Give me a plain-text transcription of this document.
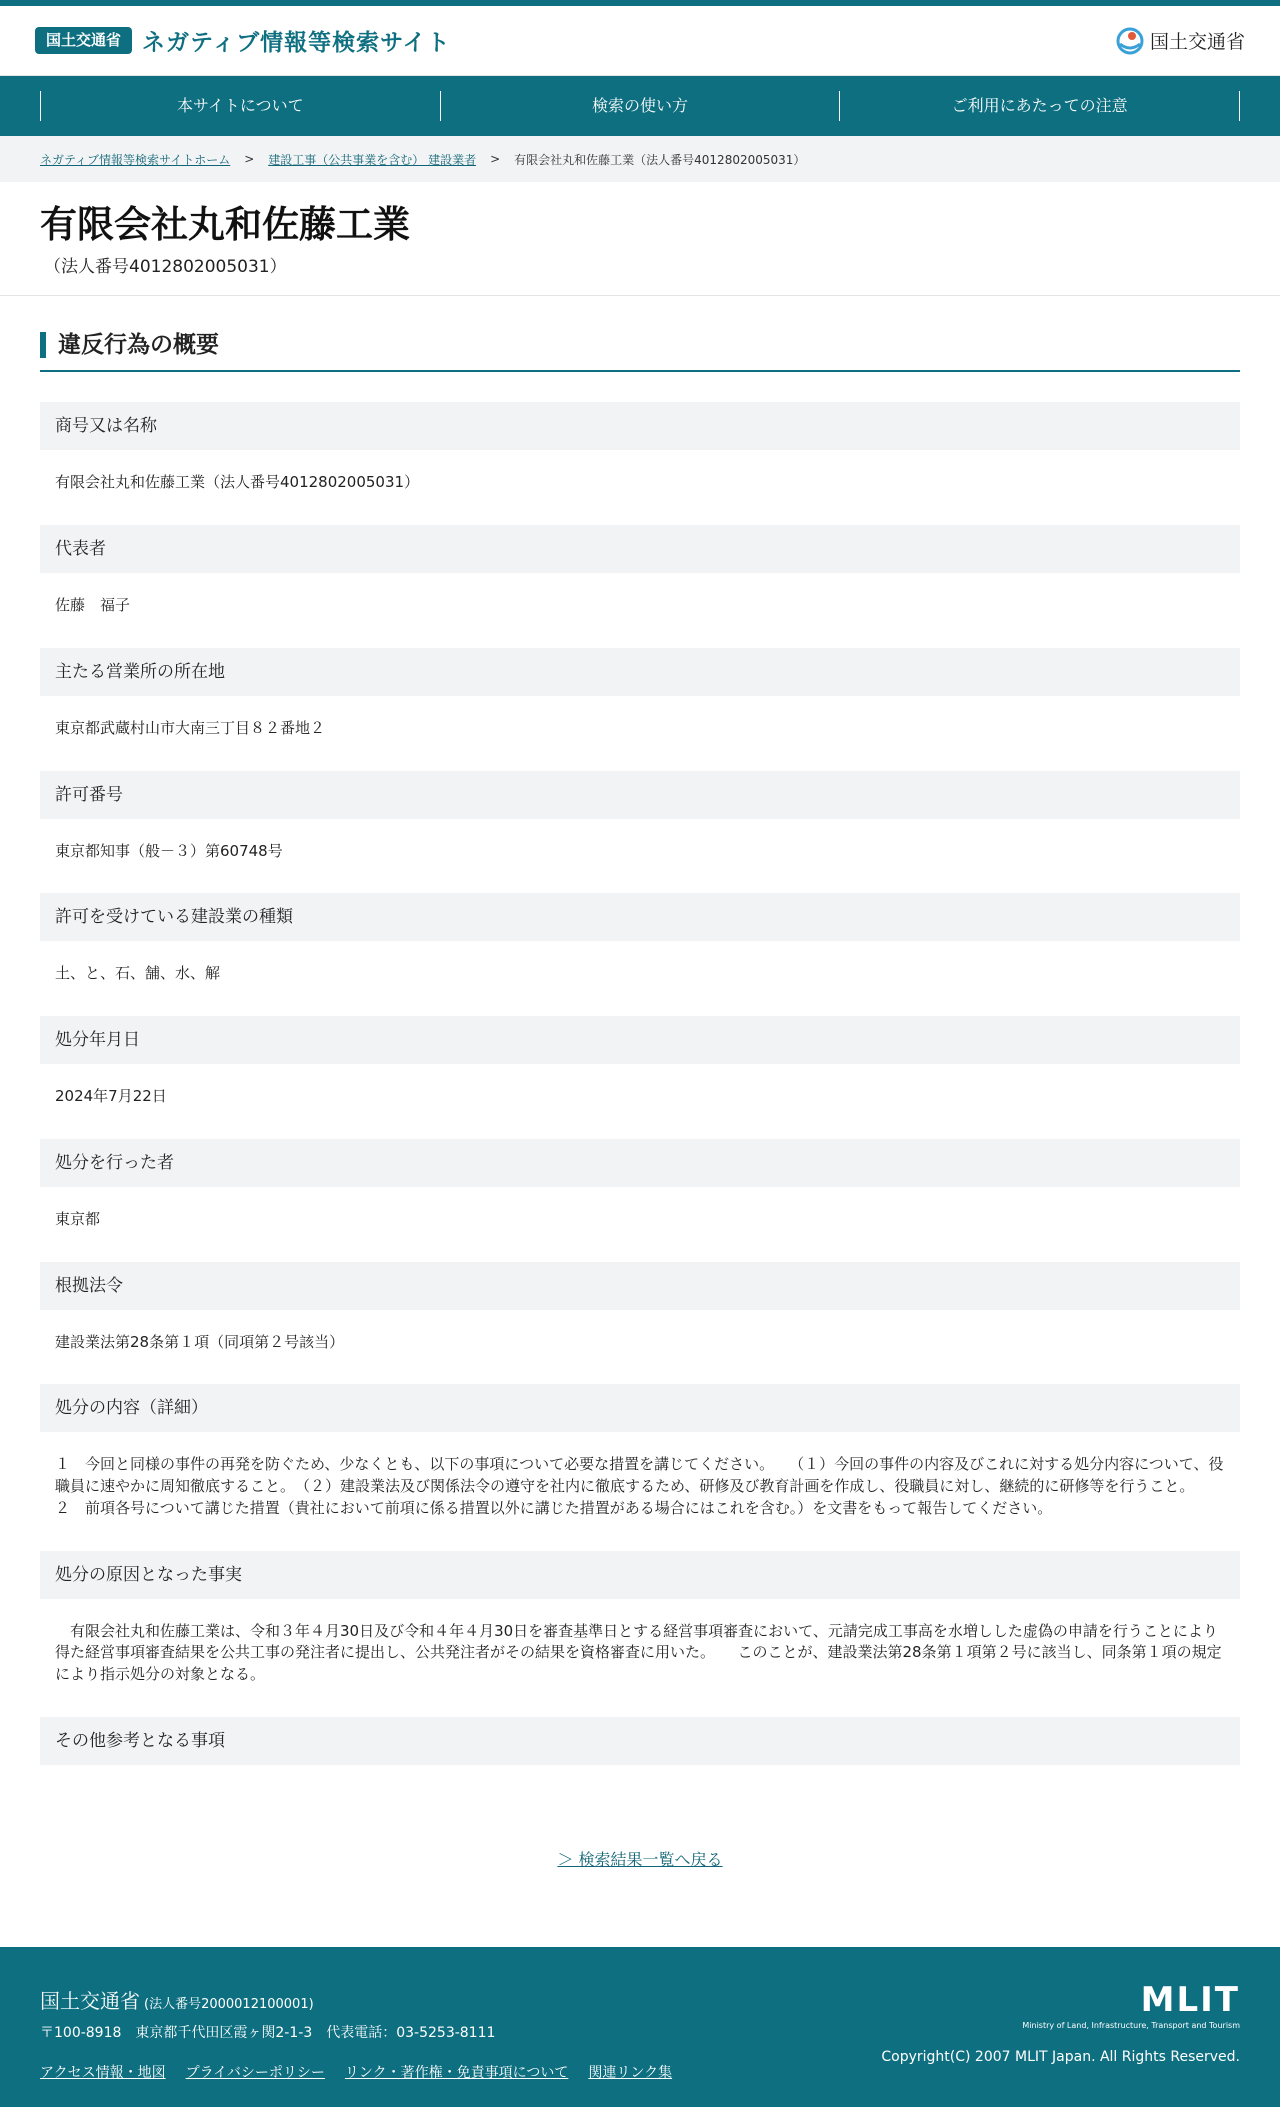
国土交通省 ネガティブ情報等検索サイト	国土交通省
本サイトについて	検索の使い方	ご利用にあたっての注意
ネガティブ情報等検索サイトホーム > 建設工事（公共事業を含む） 建設業者 > 有限会社丸和佐藤工業（法人番号4012802005031）
有限会社丸和佐藤工業
（法人番号4012802005031）
違反行為の概要
商号又は名称
有限会社丸和佐藤工業（法人番号4012802005031）
代表者
佐藤　福子
主たる営業所の所在地
東京都武蔵村山市大南三丁目８２番地２
許可番号
東京都知事（般－３）第60748号
許可を受けている建設業の種類
土、と、石、舗、水、解
処分年月日
2024年7月22日
処分を行った者
東京都
根拠法令
建設業法第28条第１項（同項第２号該当）
処分の内容（詳細）
１　今回と同様の事件の再発を防ぐため、少なくとも、以下の事項について必要な措置を講じてください。　　（１）今回の事件の内容及びこれに対する処分内容について、役職員に速やかに周知徹底すること。　（２）建設業法及び関係法令の遵守を社内に徹底するため、研修及び教育計画を作成し、役職員に対し、継続的に研修等を行うこと。　　２　前項各号について講じた措置（貴社において前項に係る措置以外に講じた措置がある場合にはこれを含む。）を文書をもって報告してください。
処分の原因となった事実
　有限会社丸和佐藤工業は、令和３年４月30日及び令和４年４月30日を審査基準日とする経営事項審査において、元請完成工事高を水増しした虚偽の申請を行うことにより得た経営事項審査結果を公共工事の発注者に提出し、公共発注者がその結果を資格審査に用いた。　　このことが、建設業法第28条第１項第２号に該当し、同条第１項の規定により指示処分の対象となる。
その他参考となる事項
＞ 検索結果一覧へ戻る
国土交通省 (法人番号2000012100001)
〒100-8918　東京都千代田区霞ヶ関2-1-3　代表電話：03-5253-8111
アクセス情報・地図 プライバシーポリシー リンク・著作権・免責事項について 関連リンク集
MLIT
Ministry of Land, Infrastructure, Transport and Tourism
Copyright(C) 2007 MLIT Japan. All Rights Reserved.
